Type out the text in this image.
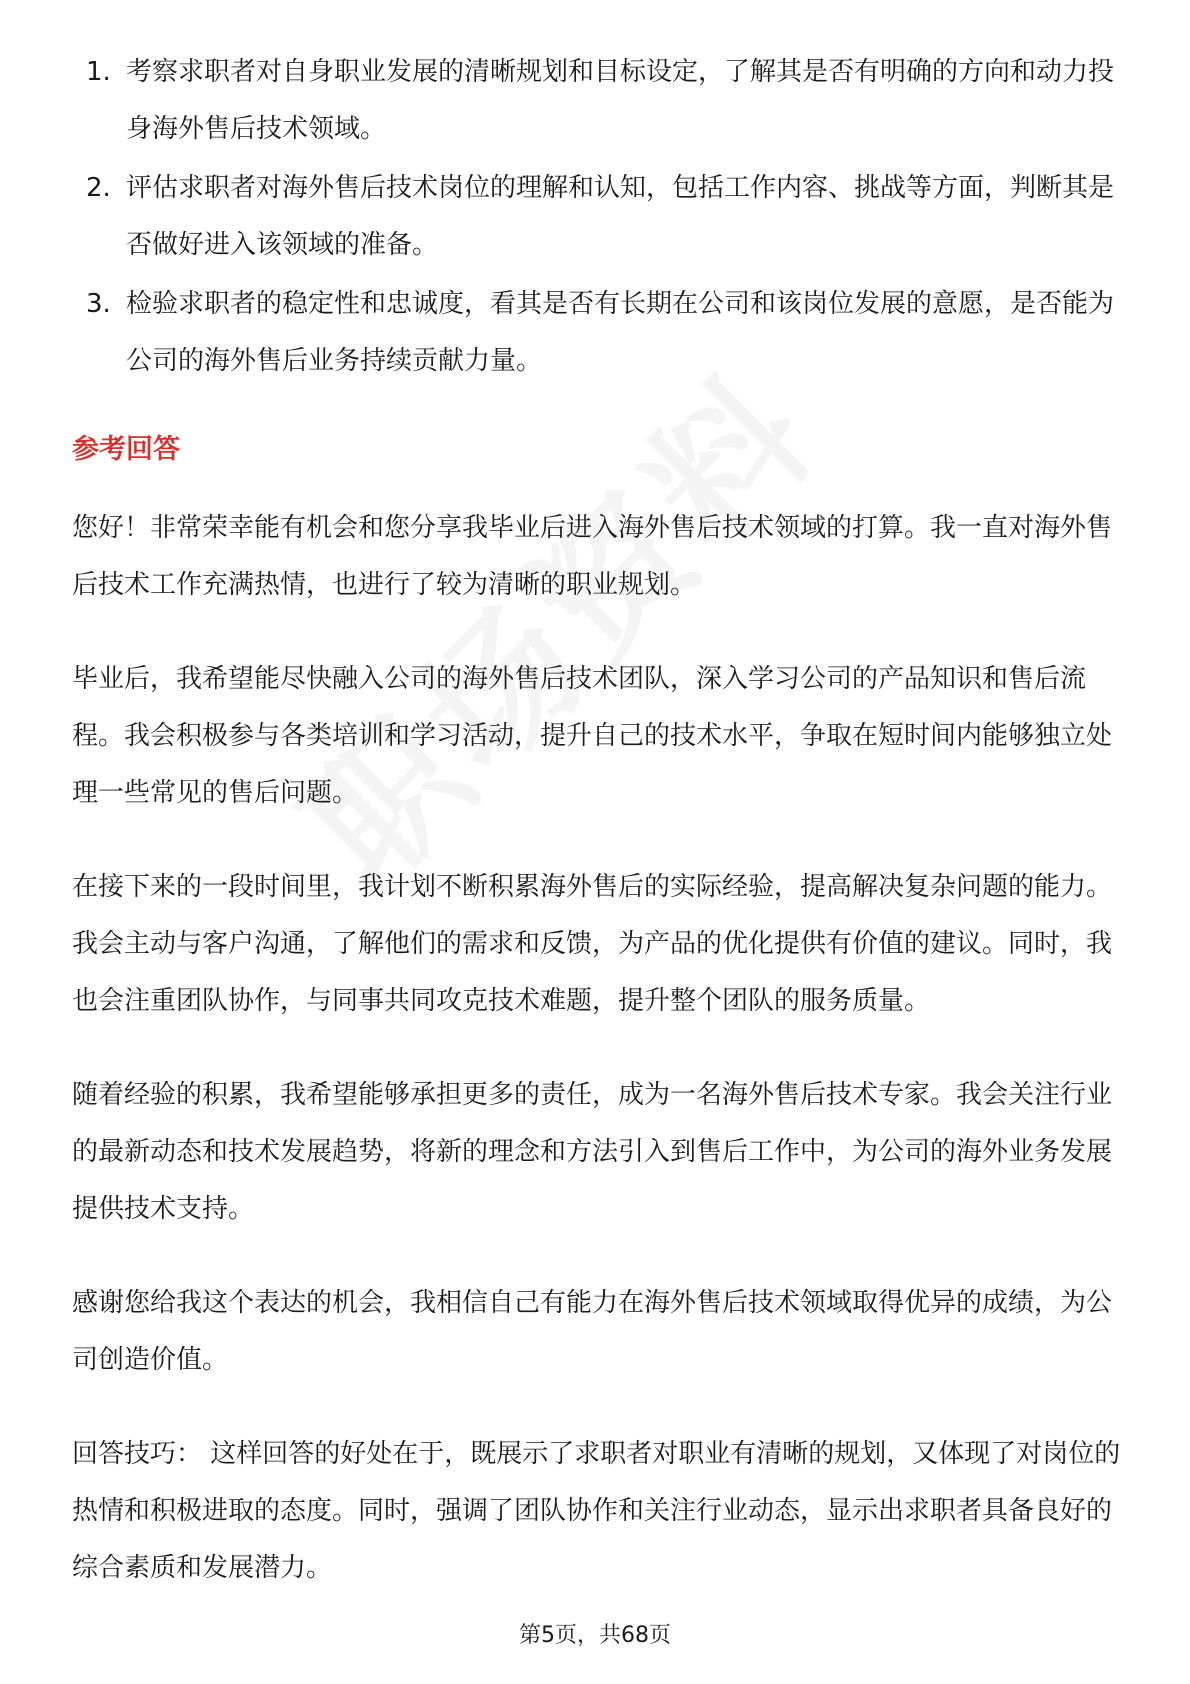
1. 考察求职者对自身职业发展的清晰规划和目标设定，了解其是否有明确的方向和动力投身海外售后技术领域。
2. 评估求职者对海外售后技术岗位的理解和认知，包括工作内容、挑战等方面，判断其是否做好进入该领域的准备。
3. 检验求职者的稳定性和忠诚度，看其是否有长期在公司和该岗位发展的意愿，是否能为公司的海外售后业务持续贡献力量。
参考回答

您好！非常荣幸能有机会和您分享我毕业后进入海外售后技术领域的打算。我一直对海外售后技术工作充满热情，也进行了较为清晰的职业规划。

毕业后，我希望能尽快融入公司的海外售后技术团队，深入学习公司的产品知识和售后流程。我会积极参与各类培训和学习活动，提升自己的技术水平，争取在短时间内能够独立处理一些常见的售后问题。

在接下来的一段时间里，我计划不断积累海外售后的实际经验，提高解决复杂问题的能力。我会主动与客户沟通，了解他们的需求和反馈，为产品的优化提供有价值的建议。同时，我也会注重团队协作，与同事共同攻克技术难题，提升整个团队的服务质量。

随着经验的积累，我希望能够承担更多的责任，成为一名海外售后技术专家。我会关注行业的最新动态和技术发展趋势，将新的理念和方法引入到售后工作中，为公司的海外业务发展提供技术支持。

感谢您给我这个表达的机会，我相信自己有能力在海外售后技术领域取得优异的成绩，为公司创造价值。

回答技巧： 这样回答的好处在于，既展示了求职者对职业有清晰的规划，又体现了对岗位的热情和积极进取的态度。同时，强调了团队协作和关注行业动态，显示出求职者具备良好的综合素质和发展潜力。

第5页，共68页
